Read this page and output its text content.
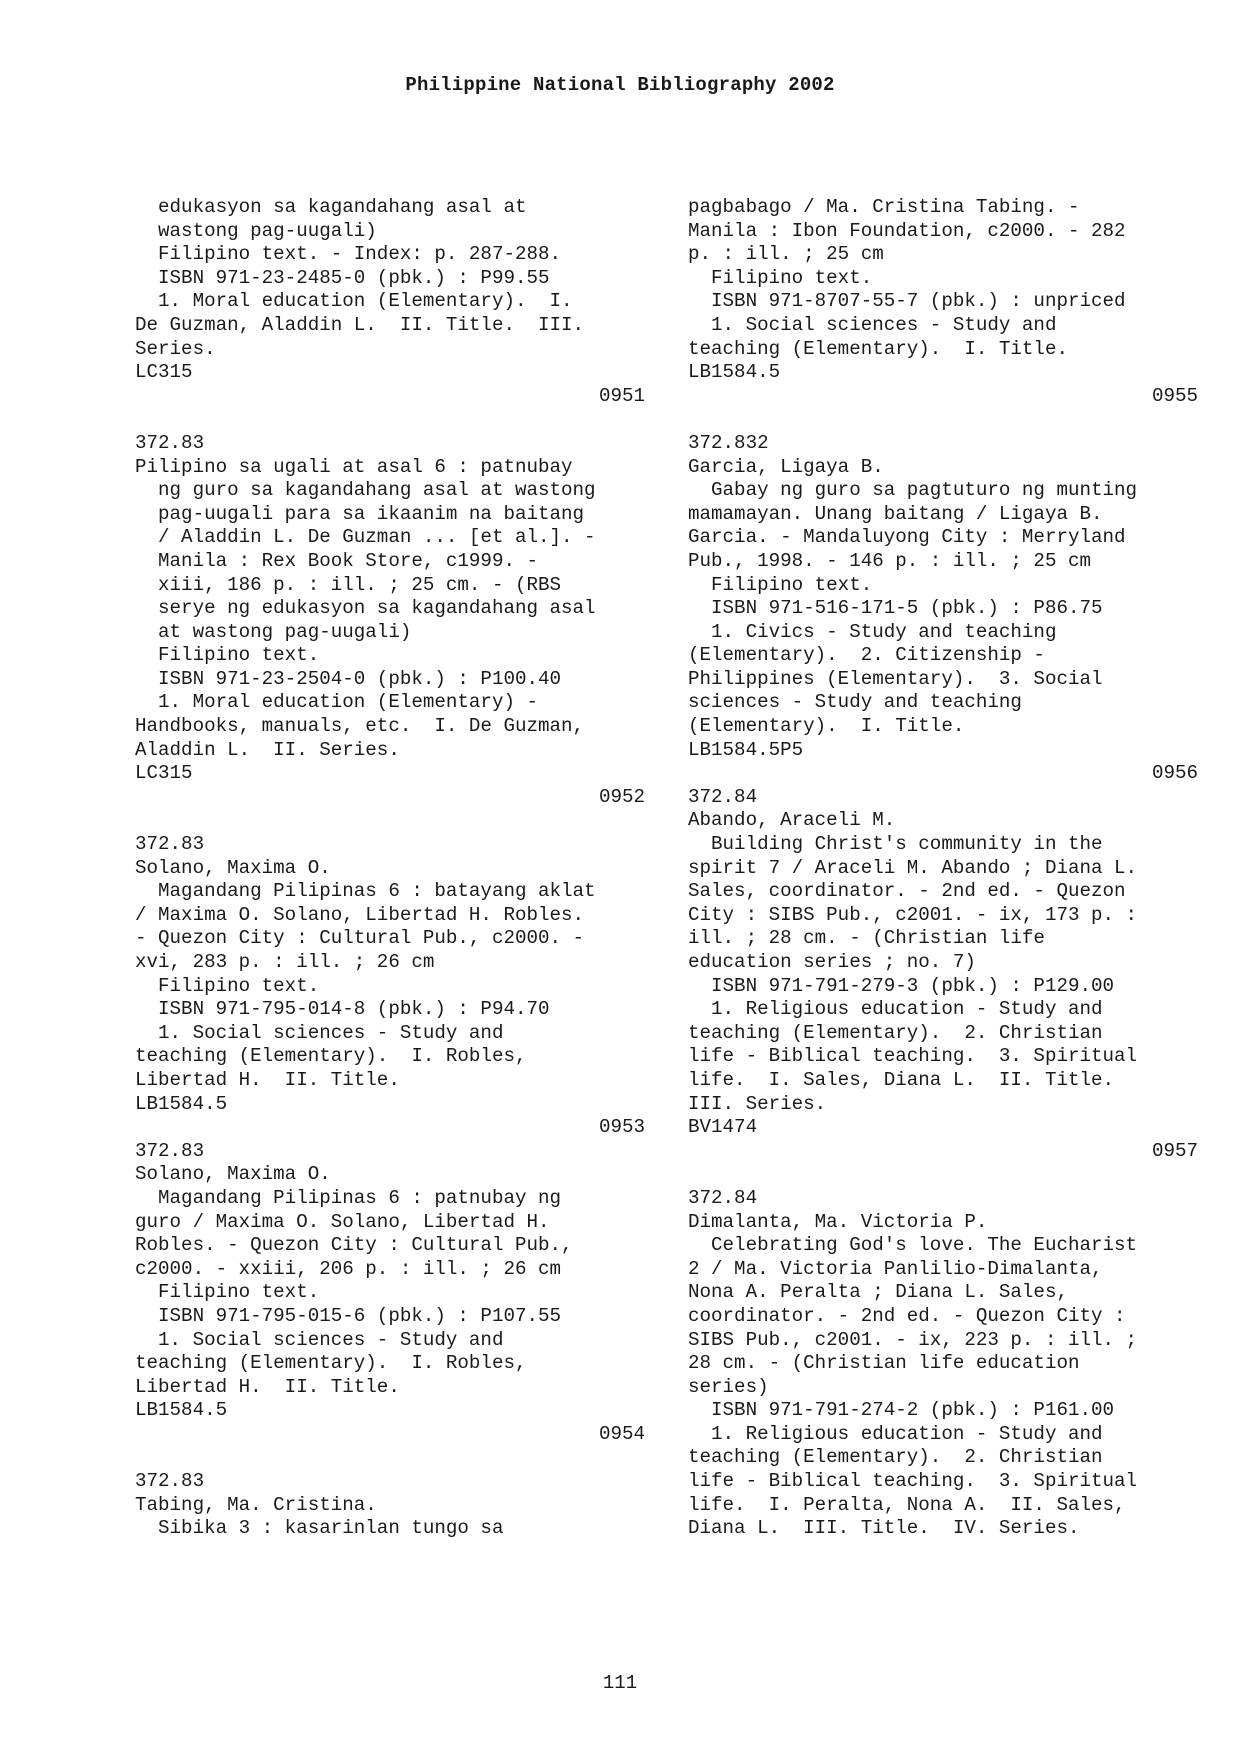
Philippine National Bibliography 2002
edukasyon sa kagandahang asal at
wastong pag-uugali)
Filipino text. - Index: p. 287-288.
ISBN 971-23-2485-0 (pbk.) : P99.55
1. Moral education (Elementary).  I.
De Guzman, Aladdin L.  II. Title.  III.
Series.
LC315
0951
372.83
Pilipino sa ugali at asal 6 : patnubay
ng guro sa kagandahang asal at wastong
pag-uugali para sa ikaanim na baitang
/ Aladdin L. De Guzman ... [et al.]. -
Manila : Rex Book Store, c1999. -
xiii, 186 p. : ill. ; 25 cm. - (RBS
serye ng edukasyon sa kagandahang asal
at wastong pag-uugali)
Filipino text.
ISBN 971-23-2504-0 (pbk.) : P100.40
1. Moral education (Elementary) -
Handbooks, manuals, etc.  I. De Guzman,
Aladdin L.  II. Series.
LC315
0952
372.83
Solano, Maxima O.
Magandang Pilipinas 6 : batayang aklat
/ Maxima O. Solano, Libertad H. Robles.
- Quezon City : Cultural Pub., c2000. -
xvi, 283 p. : ill. ; 26 cm
Filipino text.
ISBN 971-795-014-8 (pbk.) : P94.70
1. Social sciences - Study and
teaching (Elementary).  I. Robles,
Libertad H.  II. Title.
LB1584.5
0953
372.83
Solano, Maxima O.
Magandang Pilipinas 6 : patnubay ng
guro / Maxima O. Solano, Libertad H.
Robles. - Quezon City : Cultural Pub.,
c2000. - xxiii, 206 p. : ill. ; 26 cm
Filipino text.
ISBN 971-795-015-6 (pbk.) : P107.55
1. Social sciences - Study and
teaching (Elementary).  I. Robles,
Libertad H.  II. Title.
LB1584.5
0954
372.83
Tabing, Ma. Cristina.
Sibika 3 : kasarinlan tungo sa
pagbabago / Ma. Cristina Tabing. -
Manila : Ibon Foundation, c2000. - 282
p. : ill. ; 25 cm
Filipino text.
ISBN 971-8707-55-7 (pbk.) : unpriced
1. Social sciences - Study and
teaching (Elementary).  I. Title.
LB1584.5
0955
372.832
Garcia, Ligaya B.
Gabay ng guro sa pagtuturo ng munting
mamamayan. Unang baitang / Ligaya B.
Garcia. - Mandaluyong City : Merryland
Pub., 1998. - 146 p. : ill. ; 25 cm
Filipino text.
ISBN 971-516-171-5 (pbk.) : P86.75
1. Civics - Study and teaching
(Elementary).  2. Citizenship -
Philippines (Elementary).  3. Social
sciences - Study and teaching
(Elementary).  I. Title.
LB1584.5P5
0956
372.84
Abando, Araceli M.
Building Christ's community in the
spirit 7 / Araceli M. Abando ; Diana L.
Sales, coordinator. - 2nd ed. - Quezon
City : SIBS Pub., c2001. - ix, 173 p. :
ill. ; 28 cm. - (Christian life
education series ; no. 7)
ISBN 971-791-279-3 (pbk.) : P129.00
1. Religious education - Study and
teaching (Elementary).  2. Christian
life - Biblical teaching.  3. Spiritual
life.  I. Sales, Diana L.  II. Title.
III. Series.
BV1474
0957
372.84
Dimalanta, Ma. Victoria P.
Celebrating God's love. The Eucharist
2 / Ma. Victoria Panlilio-Dimalanta,
Nona A. Peralta ; Diana L. Sales,
coordinator. - 2nd ed. - Quezon City :
SIBS Pub., c2001. - ix, 223 p. : ill. ;
28 cm. - (Christian life education
series)
ISBN 971-791-274-2 (pbk.) : P161.00
1. Religious education - Study and
teaching (Elementary).  2. Christian
life - Biblical teaching.  3. Spiritual
life.  I. Peralta, Nona A.  II. Sales,
Diana L.  III. Title.  IV. Series.
111
